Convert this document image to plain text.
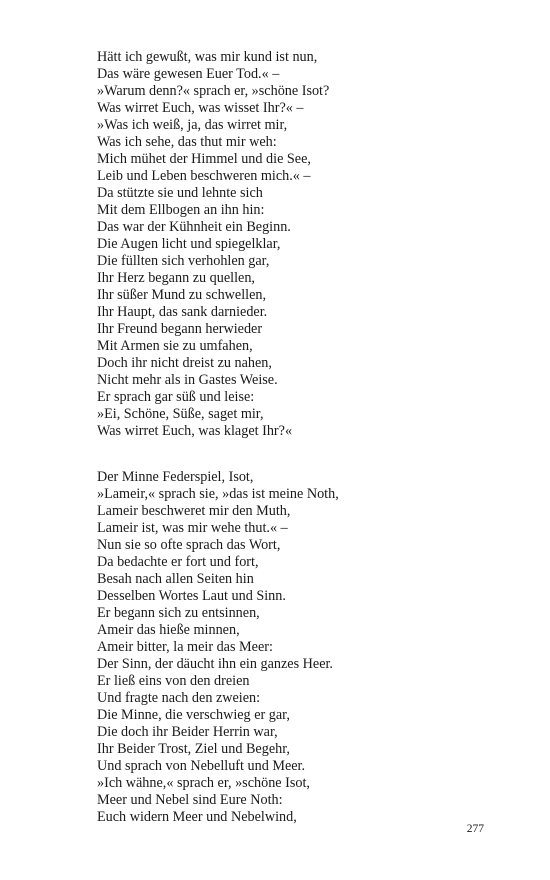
Hätt ich gewußt, was mir kund ist nun,
Das wäre gewesen Euer Tod.« –
»Warum denn?« sprach er, »schöne Isot?
Was wirret Euch, was wisset Ihr?« –
»Was ich weiß, ja, das wirret mir,
Was ich sehe, das thut mir weh:
Mich mühet der Himmel und die See,
Leib und Leben beschweren mich.« –
Da stützte sie und lehnte sich
Mit dem Ellbogen an ihn hin:
Das war der Kühnheit ein Beginn.
Die Augen licht und spiegelklar,
Die füllten sich verhohlen gar,
Ihr Herz begann zu quellen,
Ihr süßer Mund zu schwellen,
Ihr Haupt, das sank darnieder.
Ihr Freund begann herwieder
Mit Armen sie zu umfahen,
Doch ihr nicht dreist zu nahen,
Nicht mehr als in Gastes Weise.
Er sprach gar süß und leise:
»Ei, Schöne, Süße, saget mir,
Was wirret Euch, was klaget Ihr?«
Der Minne Federspiel, Isot,
»Lameir,« sprach sie, »das ist meine Noth,
Lameir beschweret mir den Muth,
Lameir ist, was mir wehe thut.« –
Nun sie so ofte sprach das Wort,
Da bedachte er fort und fort,
Besah nach allen Seiten hin
Desselben Wortes Laut und Sinn.
Er begann sich zu entsinnen,
Ameir das hieße minnen,
Ameir bitter, la meir das Meer:
Der Sinn, der däucht ihn ein ganzes Heer.
Er ließ eins von den dreien
Und fragte nach den zweien:
Die Minne, die verschwieg er gar,
Die doch ihr Beider Herrin war,
Ihr Beider Trost, Ziel und Begehr,
Und sprach von Nebelluft und Meer.
»Ich wähne,« sprach er, »schöne Isot,
Meer und Nebel sind Eure Noth:
Euch widern Meer und Nebelwind,
277
